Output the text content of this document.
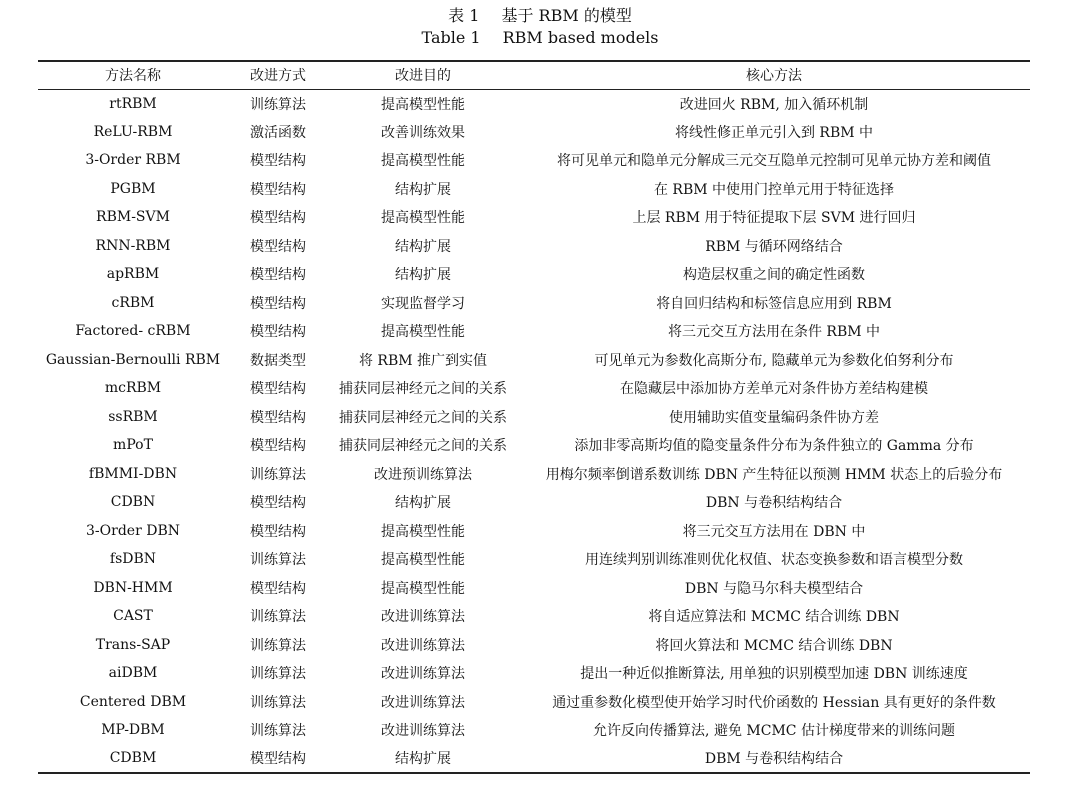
表 1 基于 RBM 的模型
Table 1 RBM based models
方法名称	改进方式	改进目的	核心方法
rtRBM	训练算法	提高模型性能	改进回火 RBM, 加入循环机制
ReLU-RBM	激活函数	改善训练效果	将线性修正单元引入到 RBM 中
3-Order RBM	模型结构	提高模型性能	将可见单元和隐单元分解成三元交互隐单元控制可见单元协方差和阈值
PGBM	模型结构	结构扩展	在 RBM 中使用门控单元用于特征选择
RBM-SVM	模型结构	提高模型性能	上层 RBM 用于特征提取下层 SVM 进行回归
RNN-RBM	模型结构	结构扩展	RBM 与循环网络结合
apRBM	模型结构	结构扩展	构造层权重之间的确定性函数
cRBM	模型结构	实现监督学习	将自回归结构和标签信息应用到 RBM
Factored- cRBM	模型结构	提高模型性能	将三元交互方法用在条件 RBM 中
Gaussian-Bernoulli RBM	数据类型	将 RBM 推广到实值	可见单元为参数化高斯分布, 隐藏单元为参数化伯努利分布
mcRBM	模型结构	捕获同层神经元之间的关系	在隐藏层中添加协方差单元对条件协方差结构建模
ssRBM	模型结构	捕获同层神经元之间的关系	使用辅助实值变量编码条件协方差
mPoT	模型结构	捕获同层神经元之间的关系	添加非零高斯均值的隐变量条件分布为条件独立的 Gamma 分布
fBMMI-DBN	训练算法	改进预训练算法	用梅尔频率倒谱系数训练 DBN 产生特征以预测 HMM 状态上的后验分布
CDBN	模型结构	结构扩展	DBN 与卷积结构结合
3-Order DBN	模型结构	提高模型性能	将三元交互方法用在 DBN 中
fsDBN	训练算法	提高模型性能	用连续判别训练准则优化权值、状态变换参数和语言模型分数
DBN-HMM	模型结构	提高模型性能	DBN 与隐马尔科夫模型结合
CAST	训练算法	改进训练算法	将自适应算法和 MCMC 结合训练 DBN
Trans-SAP	训练算法	改进训练算法	将回火算法和 MCMC 结合训练 DBN
aiDBM	训练算法	改进训练算法	提出一种近似推断算法, 用单独的识别模型加速 DBN 训练速度
Centered DBM	训练算法	改进训练算法	通过重参数化模型使开始学习时代价函数的 Hessian 具有更好的条件数
MP-DBM	训练算法	改进训练算法	允许反向传播算法, 避免 MCMC 估计梯度带来的训练问题
CDBM	模型结构	结构扩展	DBM 与卷积结构结合
